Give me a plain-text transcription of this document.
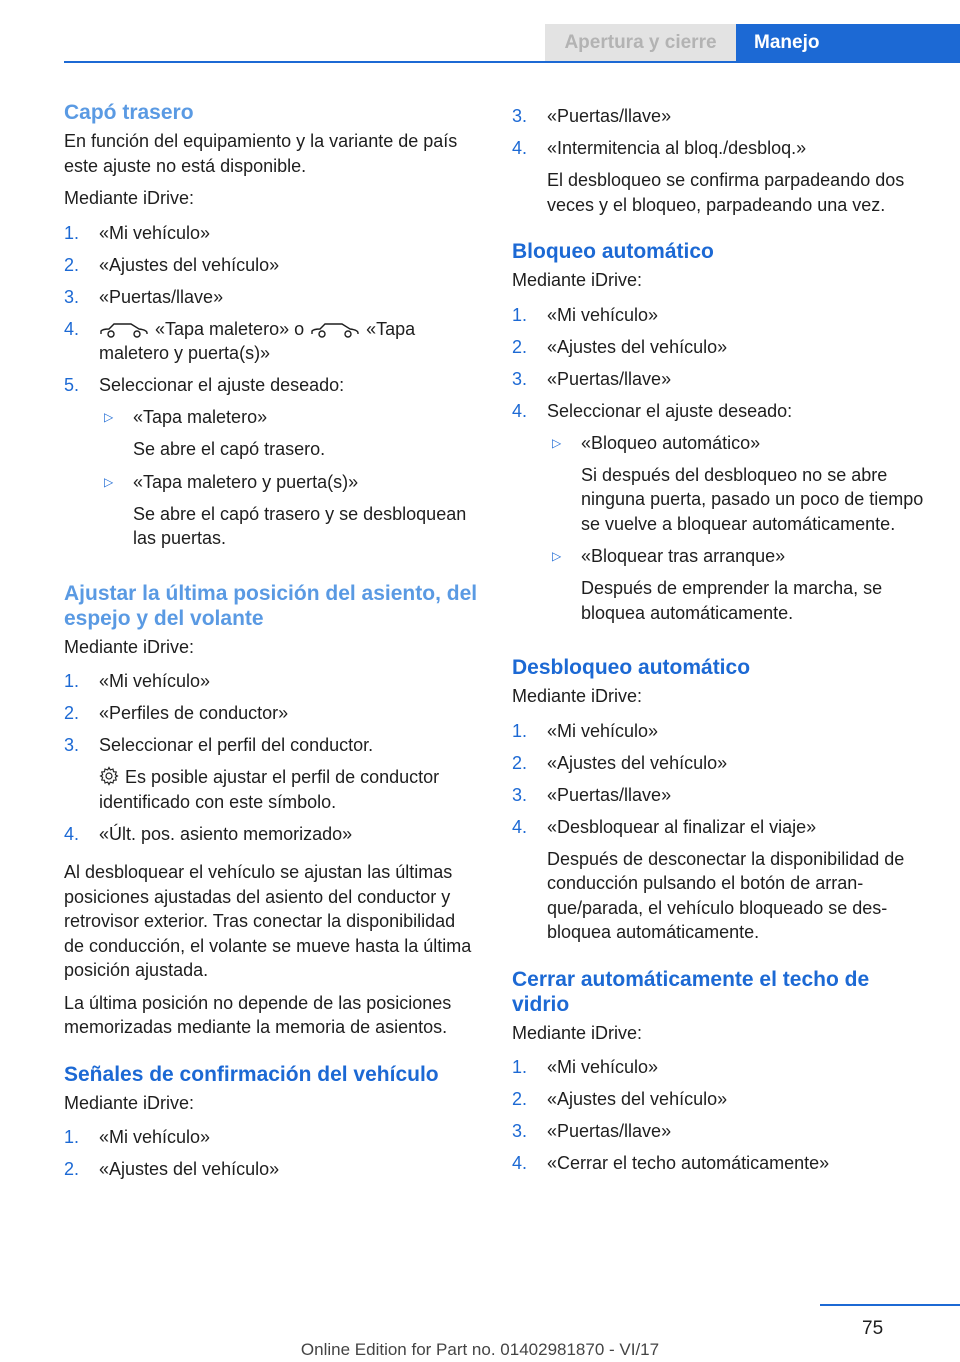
Apertura y cierre	Manejo
Capó trasero

En función del equipamiento y la variante de país este ajuste no está disponible.

Mediante iDrive:

1.	«Mi vehículo»
2.	«Ajustes del vehículo»
3.	«Puertas/llave»
4.	«Tapa maletero» o	«Tapa maletero y puerta(s)»
5.	Seleccionar el ajuste deseado:
▷	«Tapa maletero»
Se abre el capó trasero.
▷	«Tapa maletero y puerta(s)»
Se abre el capó trasero y se desbloquean las puertas.
Ajustar la última posición del asiento, del espejo y del volante

Mediante iDrive:

1.	«Mi vehículo»
2.	«Perfiles de conductor»
3.	Seleccionar el perfil del conductor.
Es posible ajustar el perfil de conductor identificado con este símbolo.
4.	«Últ. pos. asiento memorizado»

Al desbloquear el vehículo se ajustan las últimas posiciones ajustadas del asiento del conductor y retrovisor exterior. Tras conectar la disponibilidad de conducción, el volante se mueve hasta la última posición ajustada.

La última posición no depende de las posiciones memorizadas mediante la memoria de asientos.

Señales de confirmación del vehículo

Mediante iDrive:

1.	«Mi vehículo»
2.	«Ajustes del vehículo»
3.	«Puertas/llave»
4.	«Intermitencia al bloq./desbloq.»
El desbloqueo se confirma parpadeando dos veces y el bloqueo, parpadeando una vez.
Bloqueo automático

Mediante iDrive:

1.	«Mi vehículo»
2.	«Ajustes del vehículo»
3.	«Puertas/llave»
4.	Seleccionar el ajuste deseado:
▷	«Bloqueo automático»
Si después del desbloqueo no se abre ninguna puerta, pasado un poco de tiempo se vuelve a bloquear automáticamente.
▷	«Bloquear tras arranque»
Después de emprender la marcha, se bloquea automáticamente.
Desbloqueo automático

Mediante iDrive:

1.	«Mi vehículo»
2.	«Ajustes del vehículo»
3.	«Puertas/llave»
4.	«Desbloquear al finalizar el viaje»
Después de desconectar la disponibilidad de conducción pulsando el botón de arranque/parada, el vehículo bloqueado se desbloquea automáticamente.
Cerrar automáticamente el techo de vidrio

Mediante iDrive:

1.	«Mi vehículo»
2.	«Ajustes del vehículo»
3.	«Puertas/llave»
4.	«Cerrar el techo automáticamente»
75
Online Edition for Part no. 01402981870 - VI/17
